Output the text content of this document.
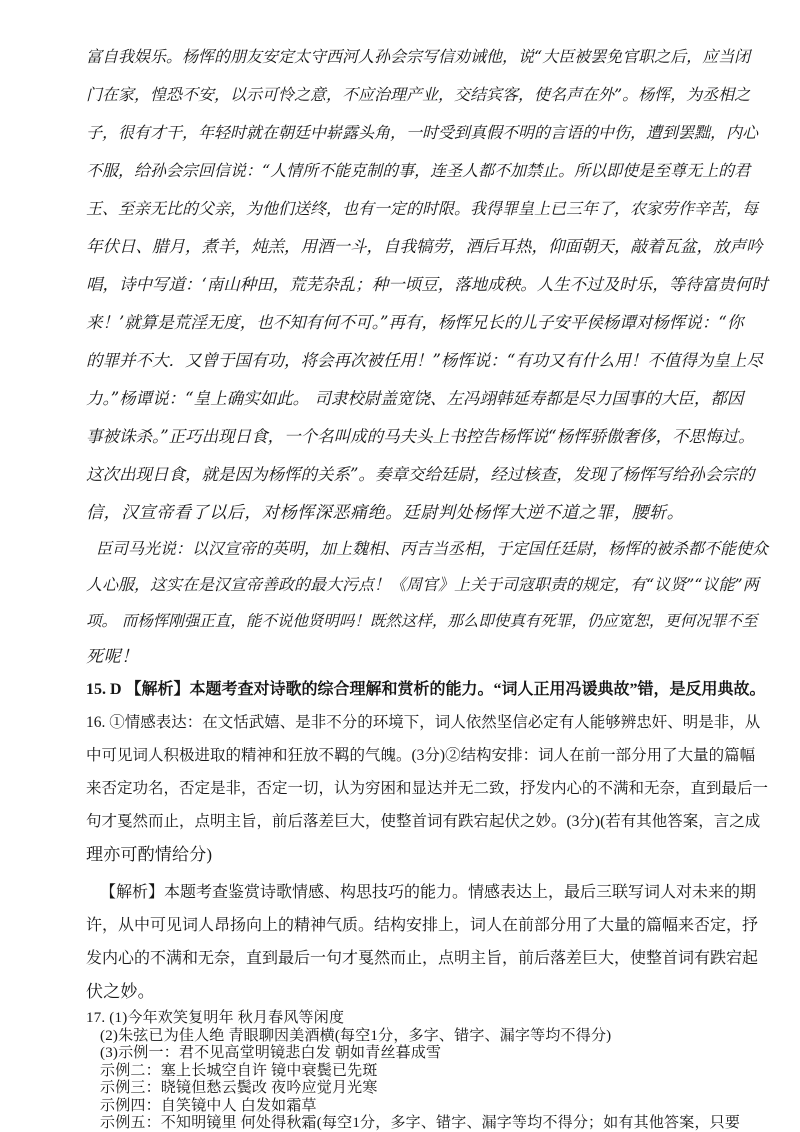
富自我娱乐。杨恽的朋友安定太守西河人孙会宗写信劝诫他，说“大臣被罢免官职之后，应当闭
门在家，惶恐不安，以示可怜之意，不应治理产业，交结宾客，使名声在外”。杨恽，为丞相之
子，很有才干，年轻时就在朝廷中崭露头角，一时受到真假不明的言语的中伤，遭到罢黜，内心
不服，给孙会宗回信说：“人情所不能克制的事，连圣人都不加禁止。所以即使是至尊无上的君
王、至亲无比的父亲，为他们送终，也有一定的时限。我得罪皇上已三年了，农家劳作辛苦，每
年伏日、腊月，煮羊，炖羔，用酒一斗，自我犒劳，酒后耳热，仰面朝天，敲着瓦盆，放声吟
唱，诗中写道：‘南山种田，荒芜杂乱；种一顷豆，落地成秧。人生不过及时乐，等待富贵何时
来！’就算是荒淫无度，也不知有何不可。”再有，杨恽兄长的儿子安平侯杨谭对杨恽说：“你
的罪并不大．又曾于国有功，将会再次被任用！”杨恽说：“有功又有什么用！不值得为皇上尽
力。”杨谭说：“皇上确实如此。 司隶校尉盖宽饶、左冯翊韩延寿都是尽力国事的大臣，都因
事被诛杀。”正巧出现日食，一个名叫成的马夫头上书控告杨恽说“杨恽骄傲奢侈，不思悔过。
这次出现日食，就是因为杨恽的关系”。奏章交给廷尉，经过核查，发现了杨恽写给孙会宗的
信，汉宣帝看了以后，对杨恽深恶痛绝。廷尉判处杨恽大逆不道之罪，腰斩。
臣司马光说：以汉宣帝的英明，加上魏相、丙吉当丞相，于定国任廷尉，杨恽的被杀都不能使众
人心服，这实在是汉宣帝善政的最大污点！《周官》上关于司寇职责的规定，有“议贤”“议能”两
项。 而杨恽刚强正直，能不说他贤明吗！既然这样，那么即使真有死罪，仍应宽恕，更何况罪不至
死呢！
15. D 【解析】本题考查对诗歌的综合理解和赏析的能力。“词人正用冯谖典故”错，是反用典故。
16. ①情感表达：在文恬武嬉、是非不分的环境下，词人依然坚信必定有人能够辨忠奸、明是非，从
中可见词人积极进取的精神和狂放不羁的气魄。(3分)②结构安排：词人在前一部分用了大量的篇幅
来否定功名，否定是非，否定一切，认为穷困和显达并无二致，抒发内心的不满和无奈，直到最后一
句才戛然而止，点明主旨，前后落差巨大，使整首词有跌宕起伏之妙。(3分)(若有其他答案，言之成
理亦可酌情给分)
【解析】本题考查鉴赏诗歌情感、构思技巧的能力。情感表达上，最后三联写词人对未来的期
许，从中可见词人昂扬向上的精神气质。结构安排上，词人在前部分用了大量的篇幅来否定，抒
发内心的不满和无奈，直到最后一句才戛然而止，点明主旨，前后落差巨大，使整首词有跌宕起
伏之妙。
17. (1)今年欢笑复明年 秋月春风等闲度
(2)朱弦已为佳人绝 青眼聊因美酒横(每空1分，多字、错字、漏字等均不得分)
(3)示例一：君不见高堂明镜悲白发 朝如青丝暮成雪
示例二：塞上长城空自许 镜中衰鬓已先斑
示例三：晓镜但愁云鬓改 夜吟应觉月光寒
示例四：自笑镜中人 白发如霜草
示例五：不知明镜里 何处得秋霜(每空1分，多字、错字、漏字等均不得分；如有其他答案，只要
